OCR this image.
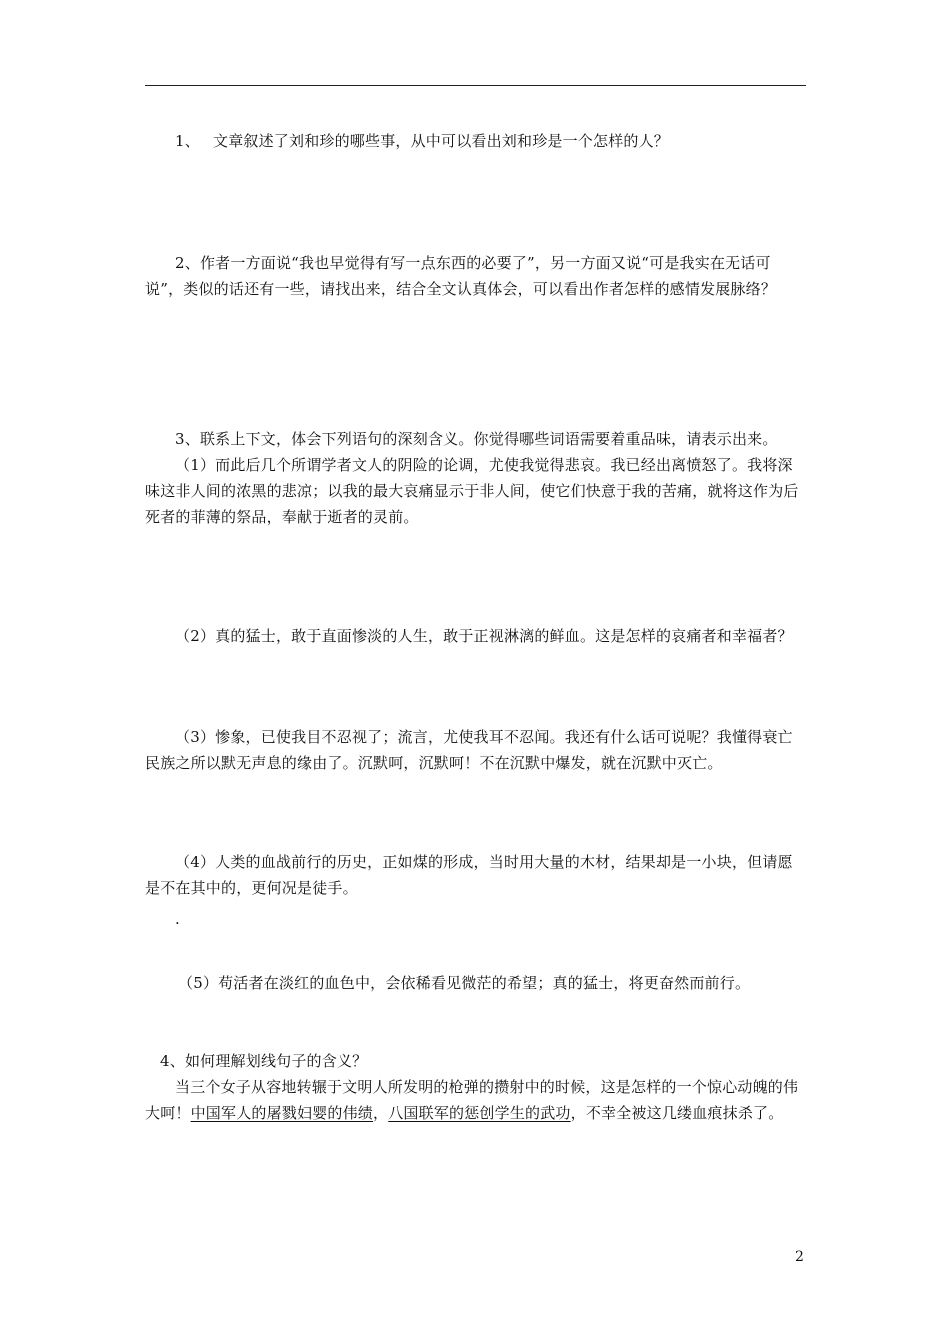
1、 文章叙述了刘和珍的哪些事，从中可以看出刘和珍是一个怎样的人？

2、作者一方面说“我也早觉得有写一点东西的必要了”，另一方面又说“可是我实在无话可说”，类似的话还有一些，请找出来，结合全文认真体会，可以看出作者怎样的感情发展脉络？

3、联系上下文，体会下列语句的深刻含义。你觉得哪些词语需要着重品味，请表示出来。

（1）而此后几个所谓学者文人的阴险的论调，尤使我觉得悲哀。我已经出离愤怒了。我将深味这非人间的浓黑的悲凉；以我的最大哀痛显示于非人间，使它们快意于我的苦痛，就将这作为后死者的菲薄的祭品，奉献于逝者的灵前。

（2）真的猛士，敢于直面惨淡的人生，敢于正视淋漓的鲜血。这是怎样的哀痛者和幸福者？

（3）惨象，已使我目不忍视了；流言，尤使我耳不忍闻。我还有什么话可说呢？我懂得衰亡民族之所以默无声息的缘由了。沉默呵，沉默呵！不在沉默中爆发，就在沉默中灭亡。

（4）人类的血战前行的历史，正如煤的形成，当时用大量的木材，结果却是一小块，但请愿是不在其中的，更何况是徒手。

.

（5）苟活者在淡红的血色中，会依稀看见微茫的希望；真的猛士，将更奋然而前行。

4、如何理解划线句子的含义？

当三个女子从容地转辗于文明人所发明的枪弹的攒射中的时候，这是怎样的一个惊心动魄的伟大呵！中国军人的屠戮妇婴的伟绩，八国联军的惩创学生的武功，不幸全被这几缕血痕抹杀了。

2
